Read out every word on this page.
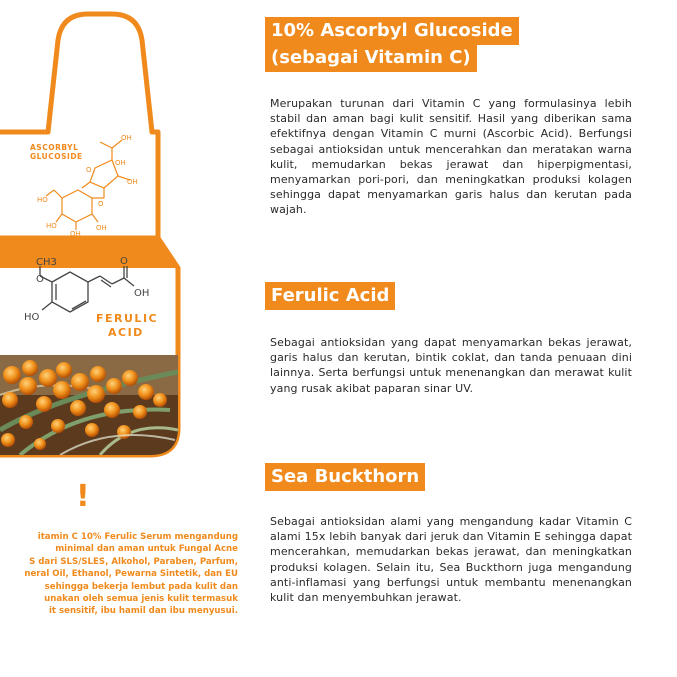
ASCORBYL
GLUCOSIDE
OH
OH
OH
O
O
HO
HO
OH
OH
CH3
O
HO
O
OH
FERULIC
ACID
!
itamin C 10% Ferulic Serum mengandung
minimal dan aman untuk Fungal Acne
S dari SLS/SLES, Alkohol, Paraben, Parfum,
neral Oil, Ethanol, Pewarna Sintetik, dan EU
sehingga bekerja lembut pada kulit dan
unakan oleh semua jenis kulit termasuk
it sensitif, ibu hamil dan ibu menyusui.
10% Ascorbyl Glucoside
(sebagai Vitamin C)

Merupakan turunan dari Vitamin C yang formulasinya lebih stabil dan aman bagi kulit sensitif. Hasil yang diberikan sama efektifnya dengan Vitamin C murni (Ascorbic Acid). Berfungsi sebagai antioksidan untuk mencerahkan dan meratakan warna kulit, memudarkan bekas jerawat dan hiperpigmentasi, menyamarkan pori-pori, dan meningkatkan produksi kolagen sehingga dapat menyamarkan garis halus dan kerutan pada wajah.

Ferulic Acid

Sebagai antioksidan yang dapat menyamarkan bekas jerawat, garis halus dan kerutan, bintik coklat, dan tanda penuaan dini lainnya. Serta berfungsi untuk menenangkan dan merawat kulit yang rusak akibat paparan sinar UV.

Sea Buckthorn

Sebagai antioksidan alami yang mengandung kadar Vitamin C alami 15x lebih banyak dari jeruk dan Vitamin E sehingga dapat mencerahkan, memudarkan bekas jerawat, dan meningkatkan produksi kolagen. Selain itu, Sea Buckthorn juga mengandung anti-inflamasi yang berfungsi untuk membantu menenangkan kulit dan menyembuhkan jerawat.
